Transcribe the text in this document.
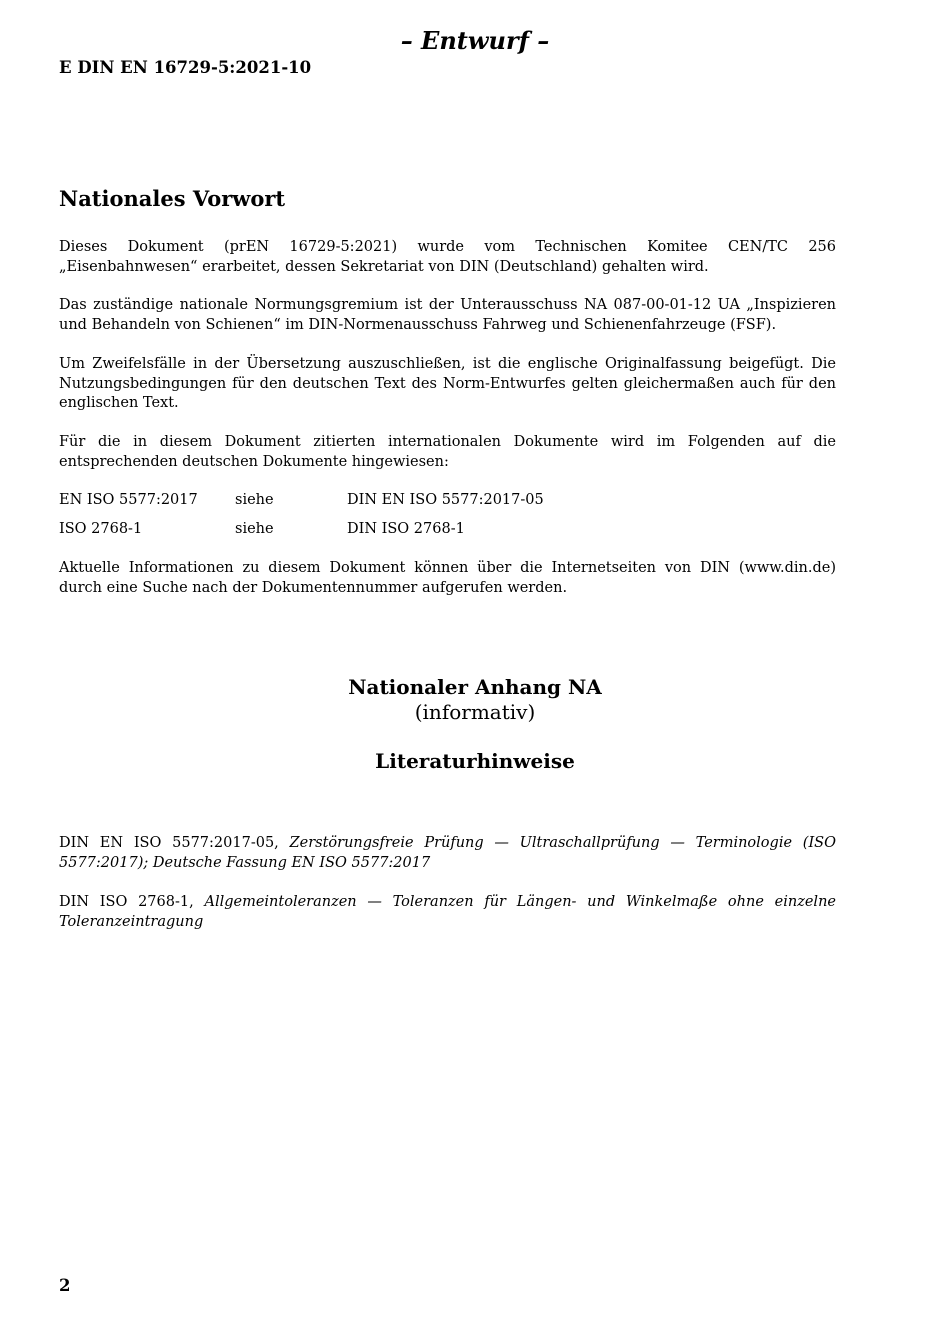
– Entwurf –
E DIN EN 16729-5:2021-10
Nationales Vorwort
Dieses Dokument (prEN 16729-5:2021) wurde vom Technischen Komitee CEN/TC 256 „Eisenbahnwesen“ erarbeitet, dessen Sekretariat von DIN (Deutschland) gehalten wird.
Das zuständige nationale Normungsgremium ist der Unterausschuss NA 087-00-01-12 UA „Inspizieren und Behandeln von Schienen“ im DIN-Normenausschuss Fahrweg und Schienenfahrzeuge (FSF).
Um Zweifelsfälle in der Übersetzung auszuschließen, ist die englische Originalfassung beigefügt. Die Nutzungsbedingungen für den deutschen Text des Norm-Entwurfes gelten gleichermaßen auch für den englischen Text.
Für die in diesem Dokument zitierten internationalen Dokumente wird im Folgenden auf die entsprechenden deutschen Dokumente hingewiesen:
EN ISO 5577:2017	siehe	DIN EN ISO 5577:2017-05
ISO 2768-1	siehe	DIN ISO 2768-1
Aktuelle Informationen zu diesem Dokument können über die Internetseiten von DIN (www.din.de) durch eine Suche nach der Dokumentennummer aufgerufen werden.
Nationaler Anhang NA
(informativ)
Literaturhinweise
DIN EN ISO 5577:2017-05, Zerstörungsfreie Prüfung — Ultraschallprüfung — Terminologie (ISO 5577:2017); Deutsche Fassung EN ISO 5577:2017
DIN ISO 2768-1, Allgemeintoleranzen — Toleranzen für Längen- und Winkelmaße ohne einzelne Toleranzeintragung
2
